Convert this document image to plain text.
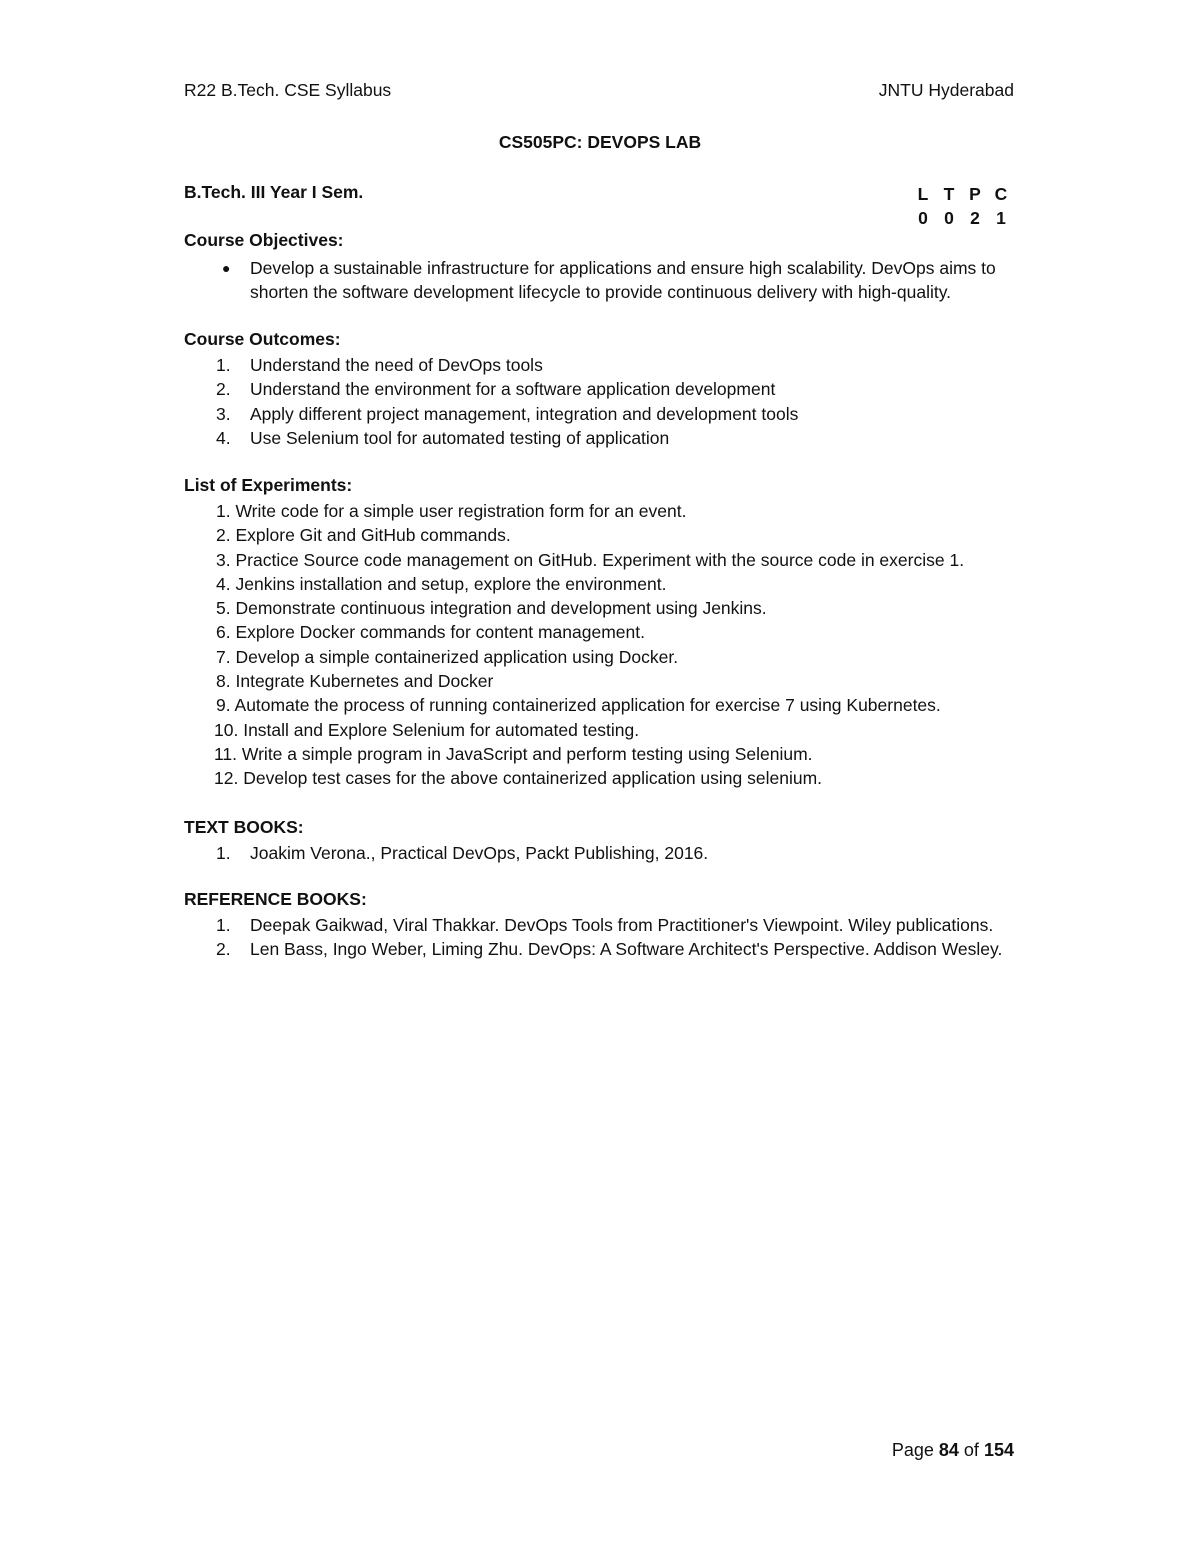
R22 B.Tech. CSE Syllabus	JNTU Hyderabad
CS505PC: DEVOPS LAB
B.Tech. III Year I Sem.	L T P C
0 0 2 1
Course Objectives:
●	Develop a sustainable infrastructure for applications and ensure high scalability. DevOps aims to shorten the software development lifecycle to provide continuous delivery with high-quality.
Course Outcomes:
1.	Understand the need of DevOps tools
2.	Understand the environment for a software application development
3.	Apply different project management, integration and development tools
4.	Use Selenium tool for automated testing of application
List of Experiments:
1. Write code for a simple user registration form for an event.
2. Explore Git and GitHub commands.
3. Practice Source code management on GitHub. Experiment with the source code in exercise 1.
4. Jenkins installation and setup, explore the environment.
5. Demonstrate continuous integration and development using Jenkins.
6. Explore Docker commands for content management.
7. Develop a simple containerized application using Docker.
8. Integrate Kubernetes and Docker
9. Automate the process of running containerized application for exercise 7 using Kubernetes.
10. Install and Explore Selenium for automated testing.
11. Write a simple program in JavaScript and perform testing using Selenium.
12. Develop test cases for the above containerized application using selenium.
TEXT BOOKS:
1.	Joakim Verona., Practical DevOps, Packt Publishing, 2016.
REFERENCE BOOKS:
1.	Deepak Gaikwad, Viral Thakkar. DevOps Tools from Practitioner's Viewpoint. Wiley publications.
2.	Len Bass, Ingo Weber, Liming Zhu. DevOps: A Software Architect's Perspective. Addison Wesley.
Page 84 of 154
